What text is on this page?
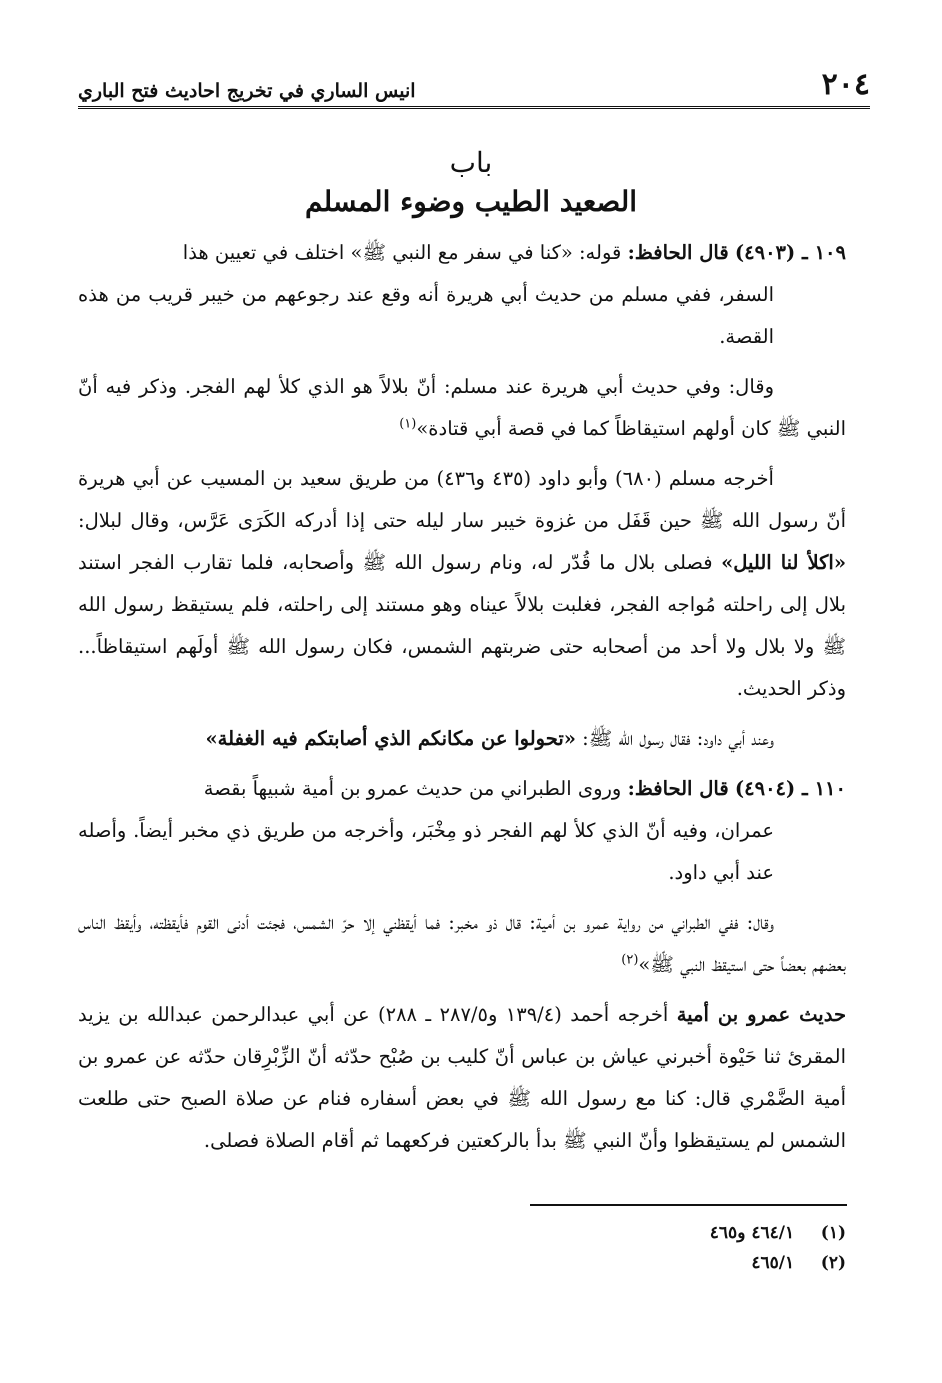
٢٠٤
انيس الساري في تخريج احاديث فتح الباري
باب
الصعيد الطيب وضوء المسلم

١٠٩ ـ (٤٩٠٣) قال الحافظ: قوله: «كنا في سفر مع النبي ﷺ» اختلف في تعيين هذا
السفر، ففي مسلم من حديث أبي هريرة أنه وقع عند رجوعهم من خيبر قريب من هذه القصة.

وقال: وفي حديث أبي هريرة عند مسلم: أنّ بلالاً هو الذي كلأ لهم الفجر. وذكر فيه أنّ النبي ﷺ كان أولهم استيقاظاً كما في قصة أبي قتادة»$^{(١)}$

أخرجه مسلم (٦٨٠) وأبو داود (٤٣٥ و٤٣٦) من طريق سعيد بن المسيب عن أبي هريرة أنّ رسول الله ﷺ حين قَفَل من غزوة خيبر سار ليله حتى إذا أدركه الكَرَى عَرَّس، وقال لبلال: «اكلأ لنا الليل» فصلى بلال ما قُدّر له، ونام رسول الله ﷺ وأصحابه، فلما تقارب الفجر استند بلال إلى راحلته مُواجه الفجر، فغلبت بلالاً عيناه وهو مستند إلى راحلته، فلم يستيقظ رسول الله ﷺ ولا بلال ولا أحد من أصحابه حتى ضربتهم الشمس، فكان رسول الله ﷺ أولَهم استيقاظاً... وذكر الحديث.

وعند أبي داود: فقال رسول الله ﷺ: «تحولوا عن مكانكم الذي أصابتكم فيه الغفلة»

١١٠ ـ (٤٩٠٤) قال الحافظ: وروى الطبراني من حديث عمرو بن أمية شبيهاً بقصة
عمران، وفيه أنّ الذي كلأ لهم الفجر ذو مِخْبَر، وأخرجه من طريق ذي مخبر أيضاً. وأصله عند أبي داود.

وقال: ففي الطبراني من رواية عمرو بن أمية: قال ذو مخبر: فما أيقظني إلا حرّ الشمس، فجئت أدنى القوم فأيقظته، وأيقظ الناس بعضهم بعضاً حتى استيقظ النبي ﷺ»$^{(٢)}$

حديث عمرو بن أمية أخرجه أحمد (١٣٩/٤ و٢٨٧/٥ ـ ٢٨٨) عن أبي عبدالرحمن عبدالله بن يزيد المقرئ ثنا حَيْوة أخبرني عياش بن عباس أنّ كليب بن صُبْح حدّثه أنّ الزِّبْرِقان حدّثه عن عمرو بن أمية الضَّمْري قال: كنا مع رسول الله ﷺ في بعض أسفاره فنام عن صلاة الصبح حتى طلعت الشمس لم يستيقظوا وأنّ النبي ﷺ بدأ بالركعتين فركعهما ثم أقام الصلاة فصلى.

(١) ٤٦٤/١ و٤٦٥
(٢) ٤٦٥/١
